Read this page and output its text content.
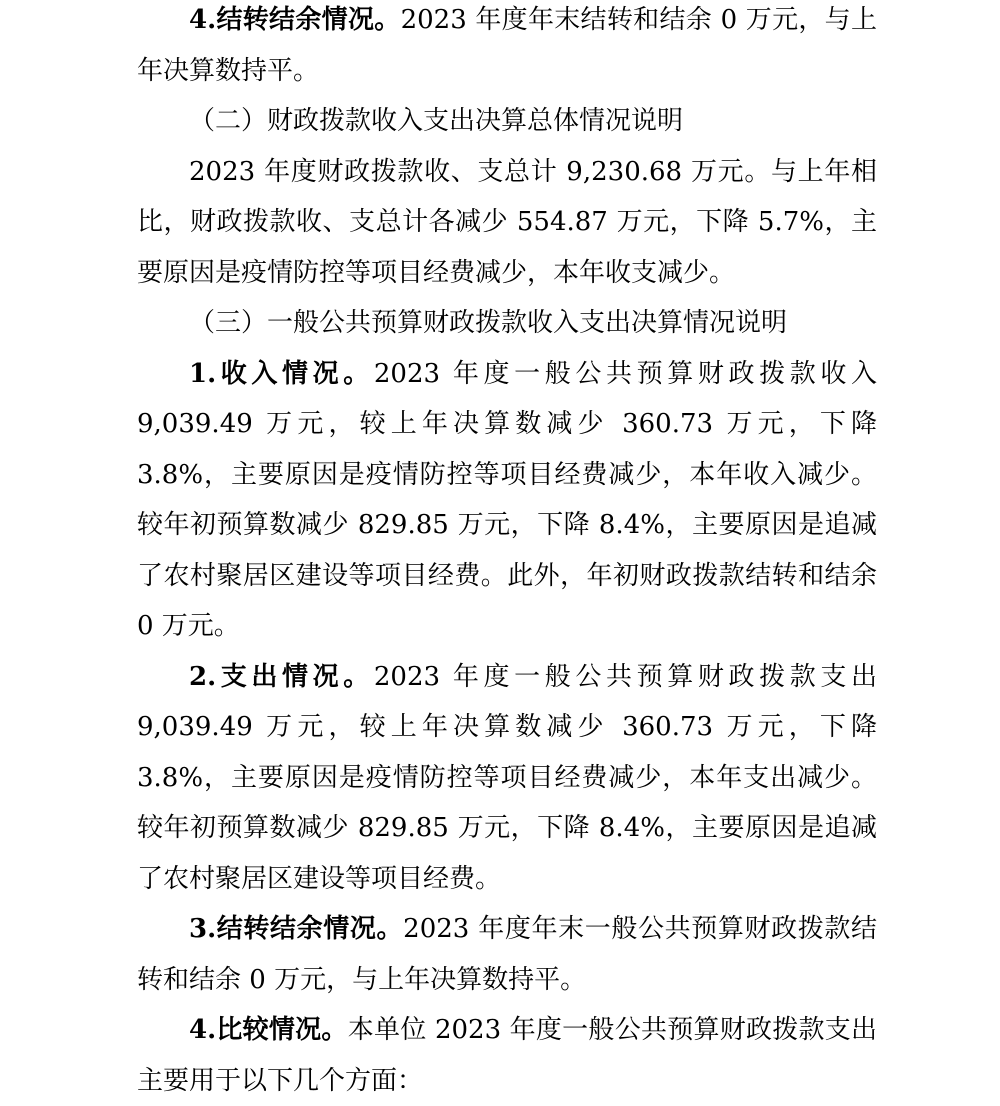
4.结转结余情况。2023 年度年末结转和结余 0 万元，与上年决算数持平。

（二）财政拨款收入支出决算总体情况说明

2023 年度财政拨款收、支总计 9,230.68 万元。与上年相比，财政拨款收、支总计各减少 554.87 万元，下降 5.7%，主要原因是疫情防控等项目经费减少，本年收支减少。

（三）一般公共预算财政拨款收入支出决算情况说明

1.收入情况。2023 年度一般公共预算财政拨款收入 9,039.49 万元，较上年决算数减少 360.73 万元，下降 3.8%，主要原因是疫情防控等项目经费减少，本年收入减少。较年初预算数减少 829.85 万元，下降 8.4%，主要原因是追减了农村聚居区建设等项目经费。此外，年初财政拨款结转和结余 0 万元。

2.支出情况。2023 年度一般公共预算财政拨款支出 9,039.49 万元，较上年决算数减少 360.73 万元，下降 3.8%，主要原因是疫情防控等项目经费减少，本年支出减少。较年初预算数减少 829.85 万元，下降 8.4%，主要原因是追减了农村聚居区建设等项目经费。

3.结转结余情况。2023 年度年末一般公共预算财政拨款结转和结余 0 万元，与上年决算数持平。

4.比较情况。本单位 2023 年度一般公共预算财政拨款支出主要用于以下几个方面：
